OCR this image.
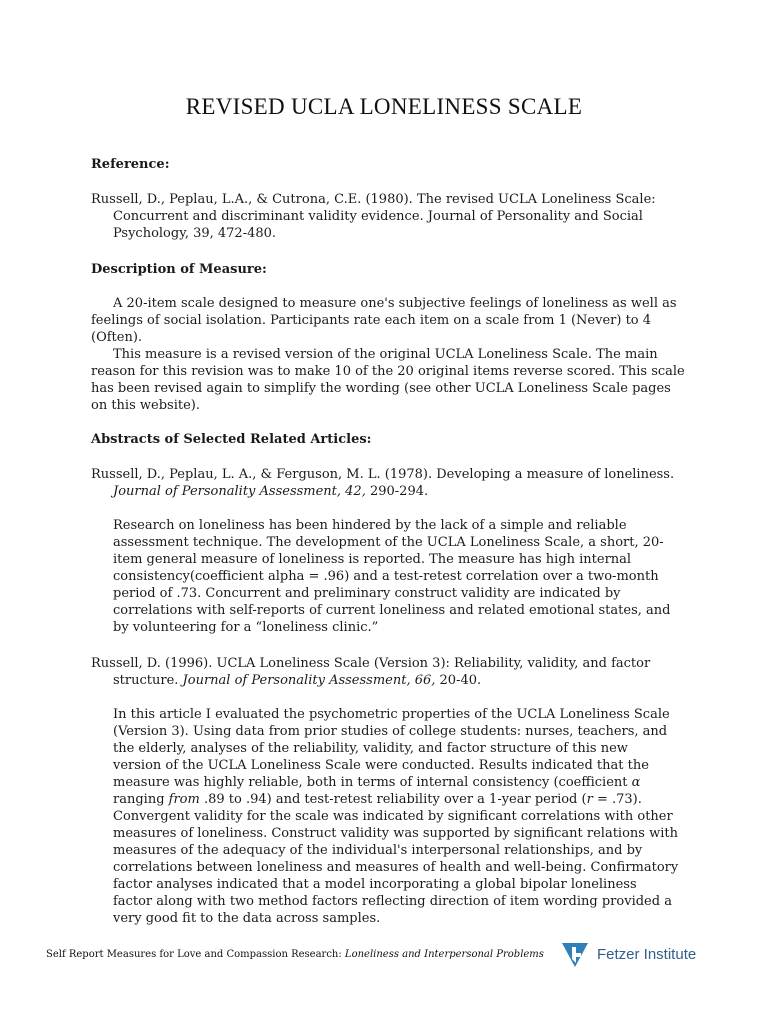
REVISED UCLA LONELINESS SCALE
Reference:
Russell, D., Peplau, L.A., & Cutrona, C.E. (1980). The revised UCLA Loneliness Scale: Concurrent and discriminant validity evidence. Journal of Personality and Social Psychology, 39, 472-480.
Description of Measure:

A 20-item scale designed to measure one's subjective feelings of loneliness as well as feelings of social isolation. Participants rate each item on a scale from 1 (Never) to 4 (Often).

This measure is a revised version of the original UCLA Loneliness Scale. The main reason for this revision was to make 10 of the 20 original items reverse scored. This scale has been revised again to simplify the wording (see other UCLA Loneliness Scale pages on this website).

Abstracts of Selected Related Articles:
Russell, D., Peplau, L. A., & Ferguson, M. L. (1978). Developing a measure of loneliness. Journal of Personality Assessment, 42, 290-294.
Research on loneliness has been hindered by the lack of a simple and reliable assessment technique. The development of the UCLA Loneliness Scale, a short, 20-item general measure of loneliness is reported. The measure has high internal consistency(coefficient alpha = .96) and a test-retest correlation over a two-month period of .73. Concurrent and preliminary construct validity are indicated by correlations with self-reports of current loneliness and related emotional states, and by volunteering for a “loneliness clinic.”
Russell, D. (1996). UCLA Loneliness Scale (Version 3): Reliability, validity, and factor structure. Journal of Personality Assessment, 66, 20-40.
In this article I evaluated the psychometric properties of the UCLA Loneliness Scale (Version 3). Using data from prior studies of college students: nurses, teachers, and the elderly, analyses of the reliability, validity, and factor structure of this new version of the UCLA Loneliness Scale were conducted. Results indicated that the measure was highly reliable, both in terms of internal consistency (coefficient α ranging from .89 to .94) and test-retest reliability over a 1-year period (r = .73). Convergent validity for the scale was indicated by significant correlations with other measures of loneliness. Construct validity was supported by significant relations with measures of the adequacy of the individual's interpersonal relationships, and by correlations between loneliness and measures of health and well-being. Confirmatory factor analyses indicated that a model incorporating a global bipolar loneliness factor along with two method factors reflecting direction of item wording provided a very good fit to the data across samples.
Self Report Measures for Love and Compassion Research: Loneliness and Interpersonal Problems	Fetzer Institute
